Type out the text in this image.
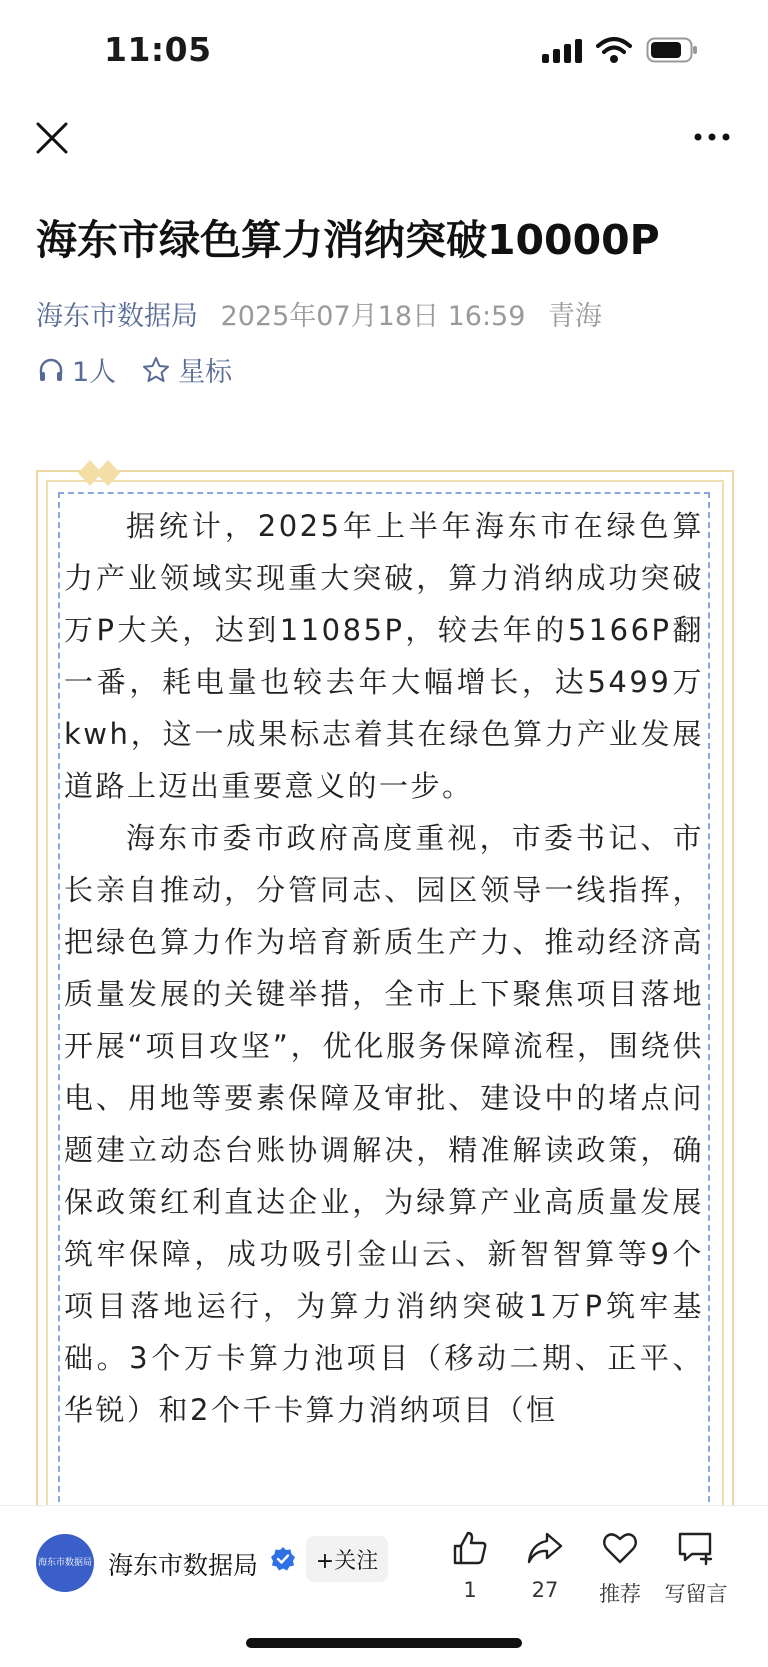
11:05
海东市绿色算力消纳突破10000P
海东市数据局 2025年07月18日 16:59 青海
1人 星标

据统计，2025年上半年海东市在绿色算力产业领域实现重大突破，算力消纳成功突破万P大关，达到11085P，较去年的5166P翻一番，耗电量也较去年大幅增长，达5499万kwh，这一成果标志着其在绿色算力产业发展道路上迈出重要意义的一步。

海东市委市政府高度重视，市委书记、市长亲自推动，分管同志、园区领导一线指挥，把绿色算力作为培育新质生产力、推动经济高质量发展的关键举措，全市上下聚焦项目落地开展“项目攻坚”，优化服务保障流程，围绕供电、用地等要素保障及审批、建设中的堵点问题建立动态台账协调解决，精准解读政策，确保政策红利直达企业，为绿算产业高质量发展筑牢保障，成功吸引金山云、新智智算等9个项目落地运行，为算力消纳突破1万P筑牢基础。3个万卡算力池项目（移动二期、正平、华锐）和2个千卡算力消纳项目（恒

海东市数据局 海东市数据局	+关注
1	27	推荐	写留言
